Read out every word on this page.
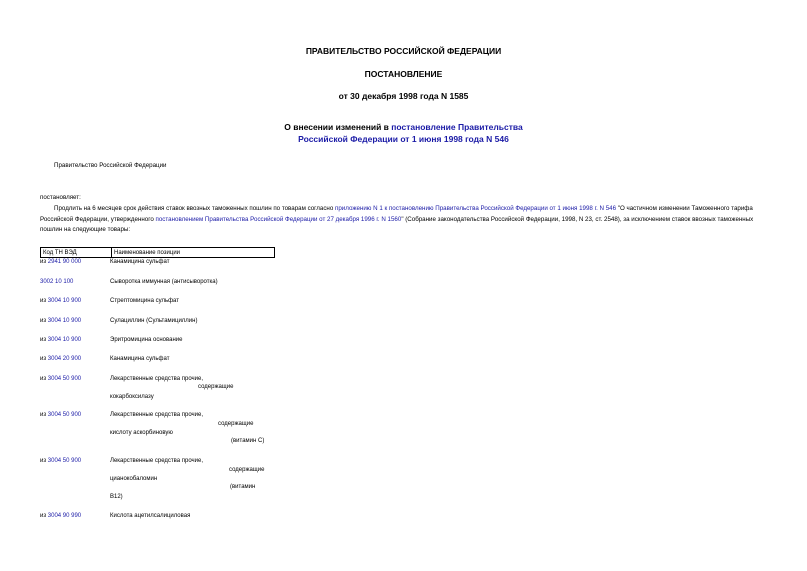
ПРАВИТЕЛЬСТВО РОССИЙСКОЙ ФЕДЕРАЦИИ
ПОСТАНОВЛЕНИЕ
от 30 декабря 1998 года N 1585
О внесении изменений в постановление Правительства
Российской Федерации от 1 июня 1998 года N 546
Правительство Российской Федерации
постановляет:
Продлить на 6 месяцев срок действия ставок ввозных таможенных пошлин по товарам согласно приложению N 1 к постановлению Правительства Российской Федерации от 1 июня 1998 г. N 546 "О частичном изменении Таможенного тарифа Российской Федерации, утвержденного постановлением Правительства Российской Федерации от 27 декабря 1996 г. N 1560" (Собрание законодательства Российской Федерации, 1998, N 23, ст. 2548), за исключением ставок ввозных таможенных пошлин на следующие товары:
Код ТН ВЭД	Наименование позиции
из 2941 90 000	Канамицина сульфат
3002 10 100	Сыворотка иммунная (антисыворотка)
из 3004 10 900	Стрептомицина сульфат
из 3004 10 900	Сулациллин (Сультамициллин)
из 3004 10 900	Эритромицина основание
из 3004 20 900	Канамицина сульфат
из 3004 50 900	Лекарственные средства прочие,
содержащие
кокарбоксилазу
из 3004 50 900	Лекарственные средства прочие,
содержащие
кислоту аскорбиновую
(витамин С)
из 3004 50 900	Лекарственные средства прочие,
содержащие
цианокобаломин
(витамин
В12)
из 3004 90 990	Кислота ацетилсалициловая
